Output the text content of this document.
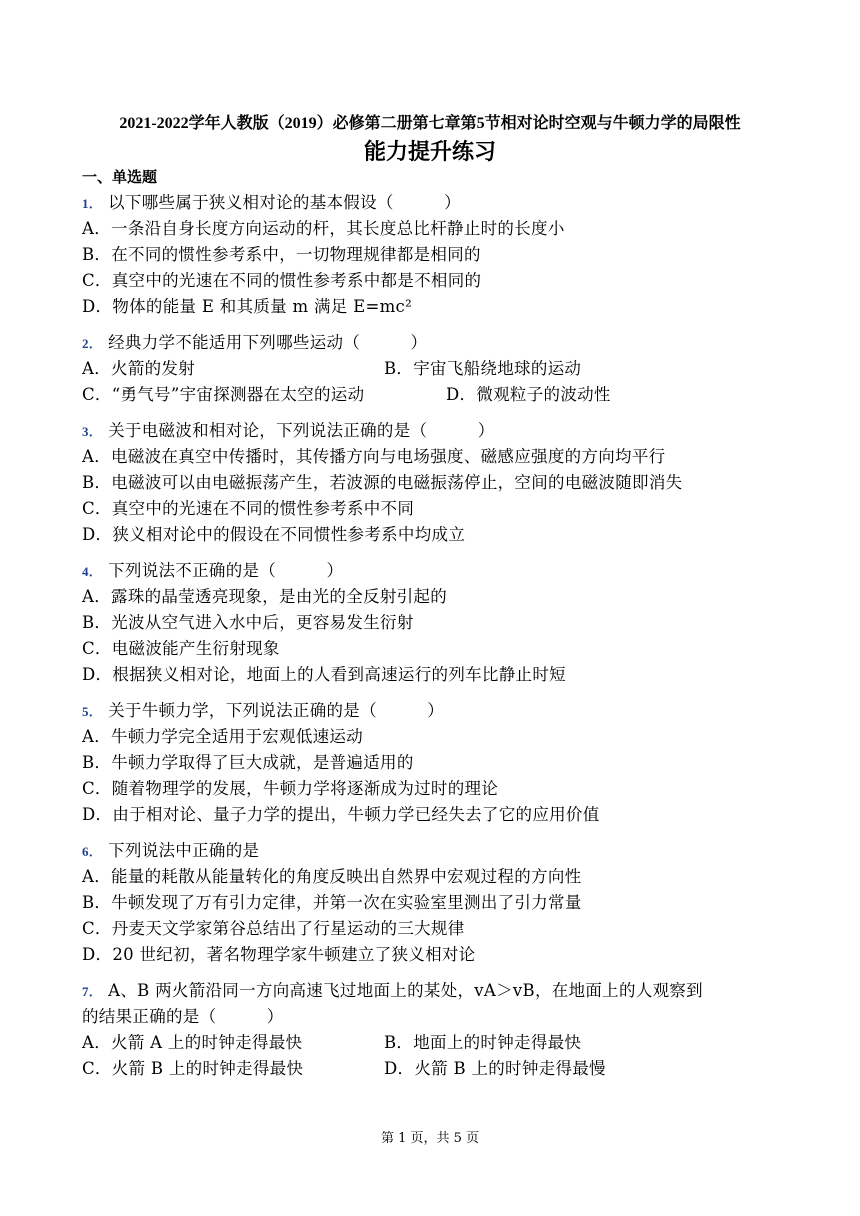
2021-2022学年人教版（2019）必修第二册第七章第5节相对论时空观与牛顿力学的局限性
能力提升练习
一、单选题
1． 以下哪些属于狭义相对论的基本假设（　　　）
A．一条沿自身长度方向运动的杆，其长度总比杆静止时的长度小
B．在不同的惯性参考系中，一切物理规律都是相同的
C．真空中的光速在不同的惯性参考系中都是不相同的
D．物体的能量 E 和其质量 m 满足 E=mc²
2． 经典力学不能适用下列哪些运动（　　　）
A．火箭的发射	B．宇宙飞船绕地球的运动
C．“勇气号”宇宙探测器在太空的运动	D．微观粒子的波动性
3． 关于电磁波和相对论，下列说法正确的是（　　　）
A．电磁波在真空中传播时，其传播方向与电场强度、磁感应强度的方向均平行
B．电磁波可以由电磁振荡产生，若波源的电磁振荡停止，空间的电磁波随即消失
C．真空中的光速在不同的惯性参考系中不同
D．狭义相对论中的假设在不同惯性参考系中均成立
4． 下列说法不正确的是（　　　）
A．露珠的晶莹透亮现象，是由光的全反射引起的
B．光波从空气进入水中后，更容易发生衍射
C．电磁波能产生衍射现象
D．根据狭义相对论，地面上的人看到高速运行的列车比静止时短
5． 关于牛顿力学，下列说法正确的是（　　　）
A．牛顿力学完全适用于宏观低速运动
B．牛顿力学取得了巨大成就，是普遍适用的
C．随着物理学的发展，牛顿力学将逐渐成为过时的理论
D．由于相对论、量子力学的提出，牛顿力学已经失去了它的应用价值
6． 下列说法中正确的是
A．能量的耗散从能量转化的角度反映出自然界中宏观过程的方向性
B．牛顿发现了万有引力定律，并第一次在实验室里测出了引力常量
C．丹麦天文学家第谷总结出了行星运动的三大规律
D．20 世纪初，著名物理学家牛顿建立了狭义相对论
7． A、B 两火箭沿同一方向高速飞过地面上的某处，vA＞vB，在地面上的人观察到
的结果正确的是（　　　）
A．火箭 A 上的时钟走得最快	B．地面上的时钟走得最快
C．火箭 B 上的时钟走得最快	D．火箭 B 上的时钟走得最慢
第 1 页，共 5 页
